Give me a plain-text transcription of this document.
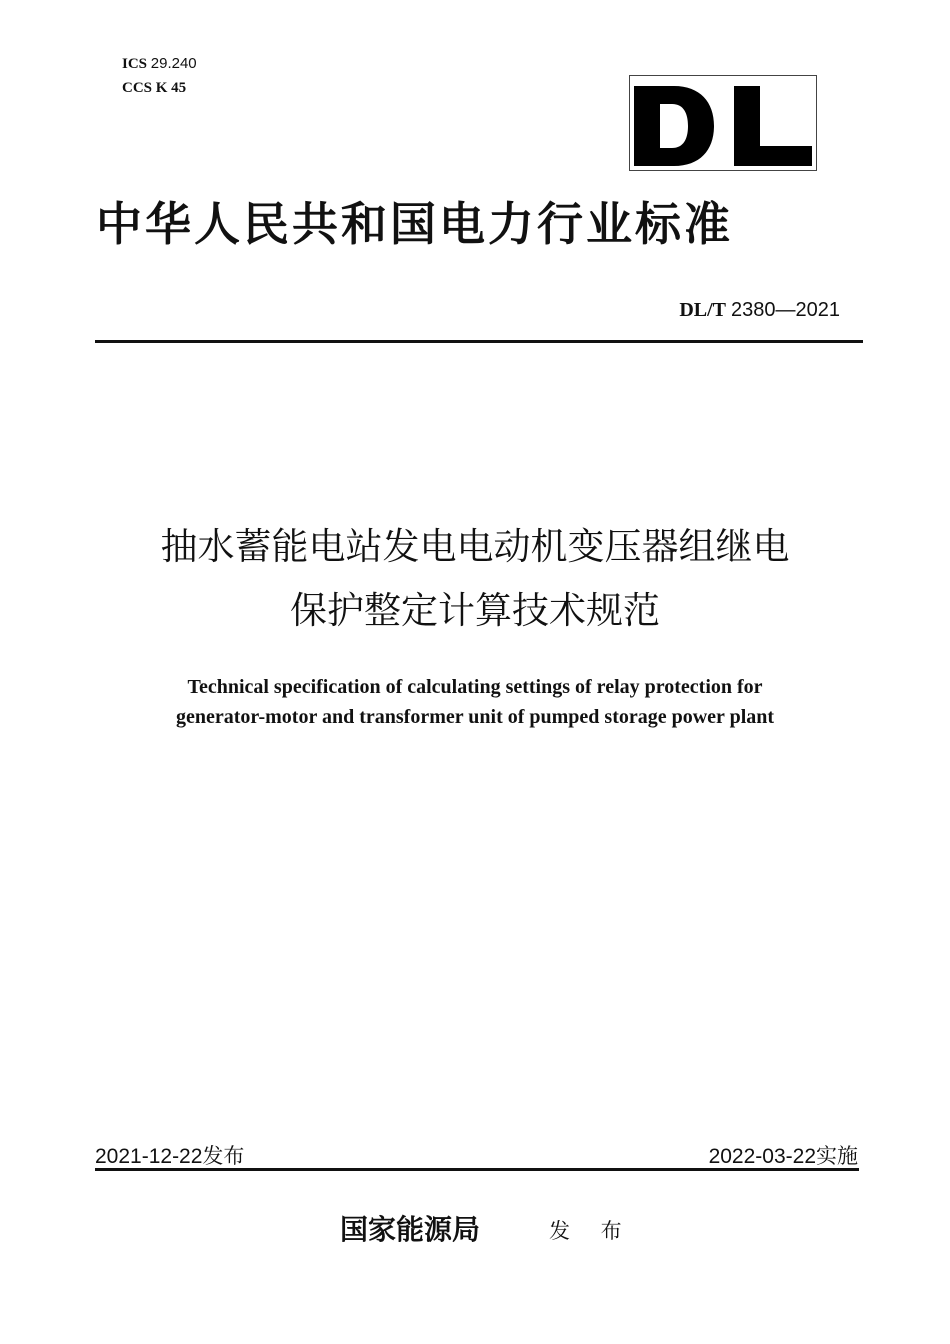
ICS 29.240
CCS K 45
中华人民共和国电力行业标准
DL/T 2380—2021
抽水蓄能电站发电电动机变压器组继电
保护整定计算技术规范
Technical specification of calculating settings of relay protection for
generator-motor and transformer unit of pumped storage power plant
2021-12-22发布	2022-03-22实施
国家能源局	发 布
